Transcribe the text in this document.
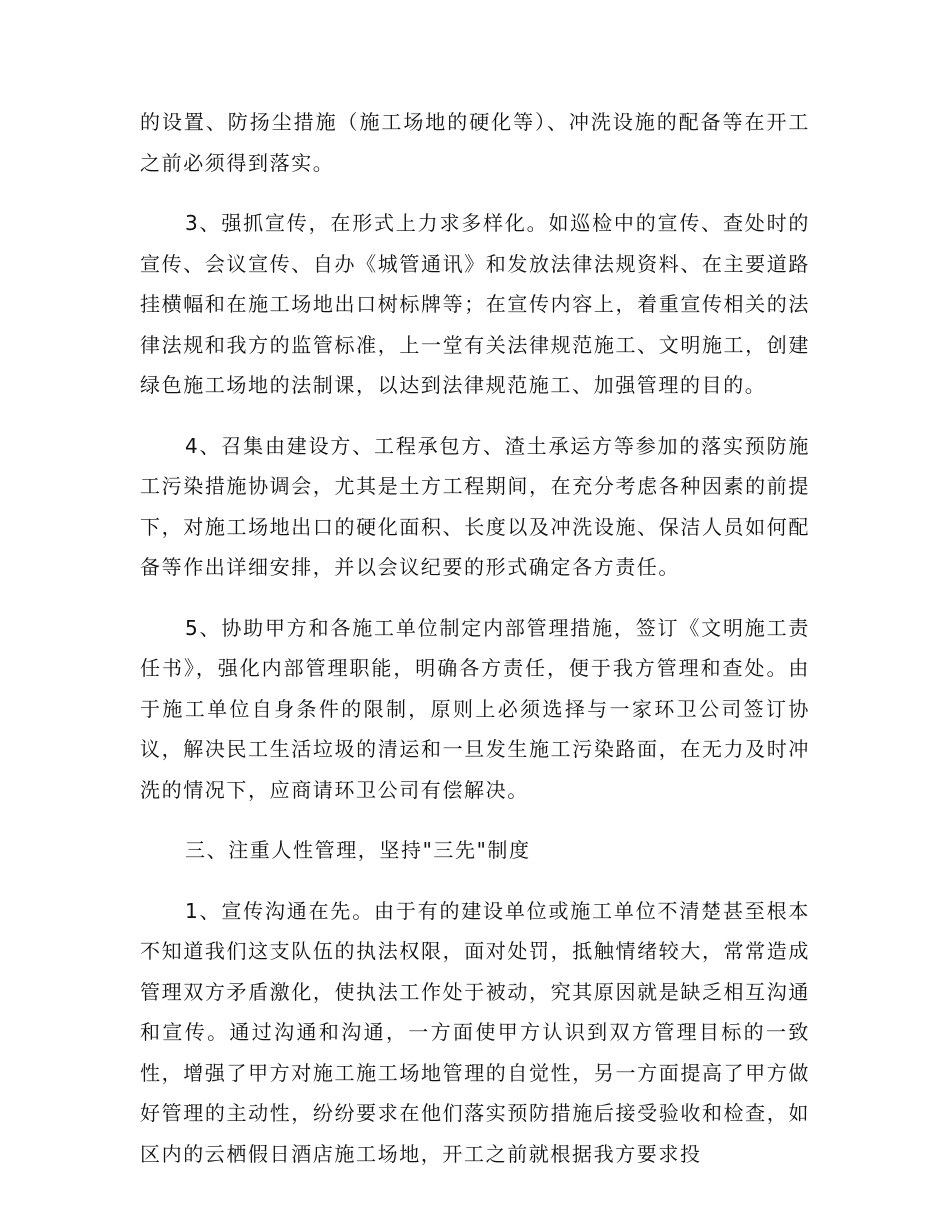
的设置、防扬尘措施（施工场地的硬化等）、冲洗设施的配备等在开工之前必须得到落实。

3、强抓宣传，在形式上力求多样化。如巡检中的宣传、查处时的宣传、会议宣传、自办《城管通讯》和发放法律法规资料、在主要道路挂横幅和在施工场地出口树标牌等；在宣传内容上，着重宣传相关的法律法规和我方的监管标准，上一堂有关法律规范施工、文明施工，创建绿色施工场地的法制课，以达到法律规范施工、加强管理的目的。

4、召集由建设方、工程承包方、渣土承运方等参加的落实预防施工污染措施协调会，尤其是土方工程期间，在充分考虑各种因素的前提下，对施工场地出口的硬化面积、长度以及冲洗设施、保洁人员如何配备等作出详细安排，并以会议纪要的形式确定各方责任。

5、协助甲方和各施工单位制定内部管理措施，签订《文明施工责任书》，强化内部管理职能，明确各方责任，便于我方管理和查处。由于施工单位自身条件的限制，原则上必须选择与一家环卫公司签订协议，解决民工生活垃圾的清运和一旦发生施工污染路面，在无力及时冲洗的情况下，应商请环卫公司有偿解决。

三、注重人性管理，坚持"三先"制度

1、宣传沟通在先。由于有的建设单位或施工单位不清楚甚至根本不知道我们这支队伍的执法权限，面对处罚，抵触情绪较大，常常造成管理双方矛盾激化，使执法工作处于被动，究其原因就是缺乏相互沟通和宣传。通过沟通和沟通，一方面使甲方认识到双方管理目标的一致性，增强了甲方对施工施工场地管理的自觉性，另一方面提高了甲方做好管理的主动性，纷纷要求在他们落实预防措施后接受验收和检查，如区内的云栖假日酒店施工场地，开工之前就根据我方要求投
